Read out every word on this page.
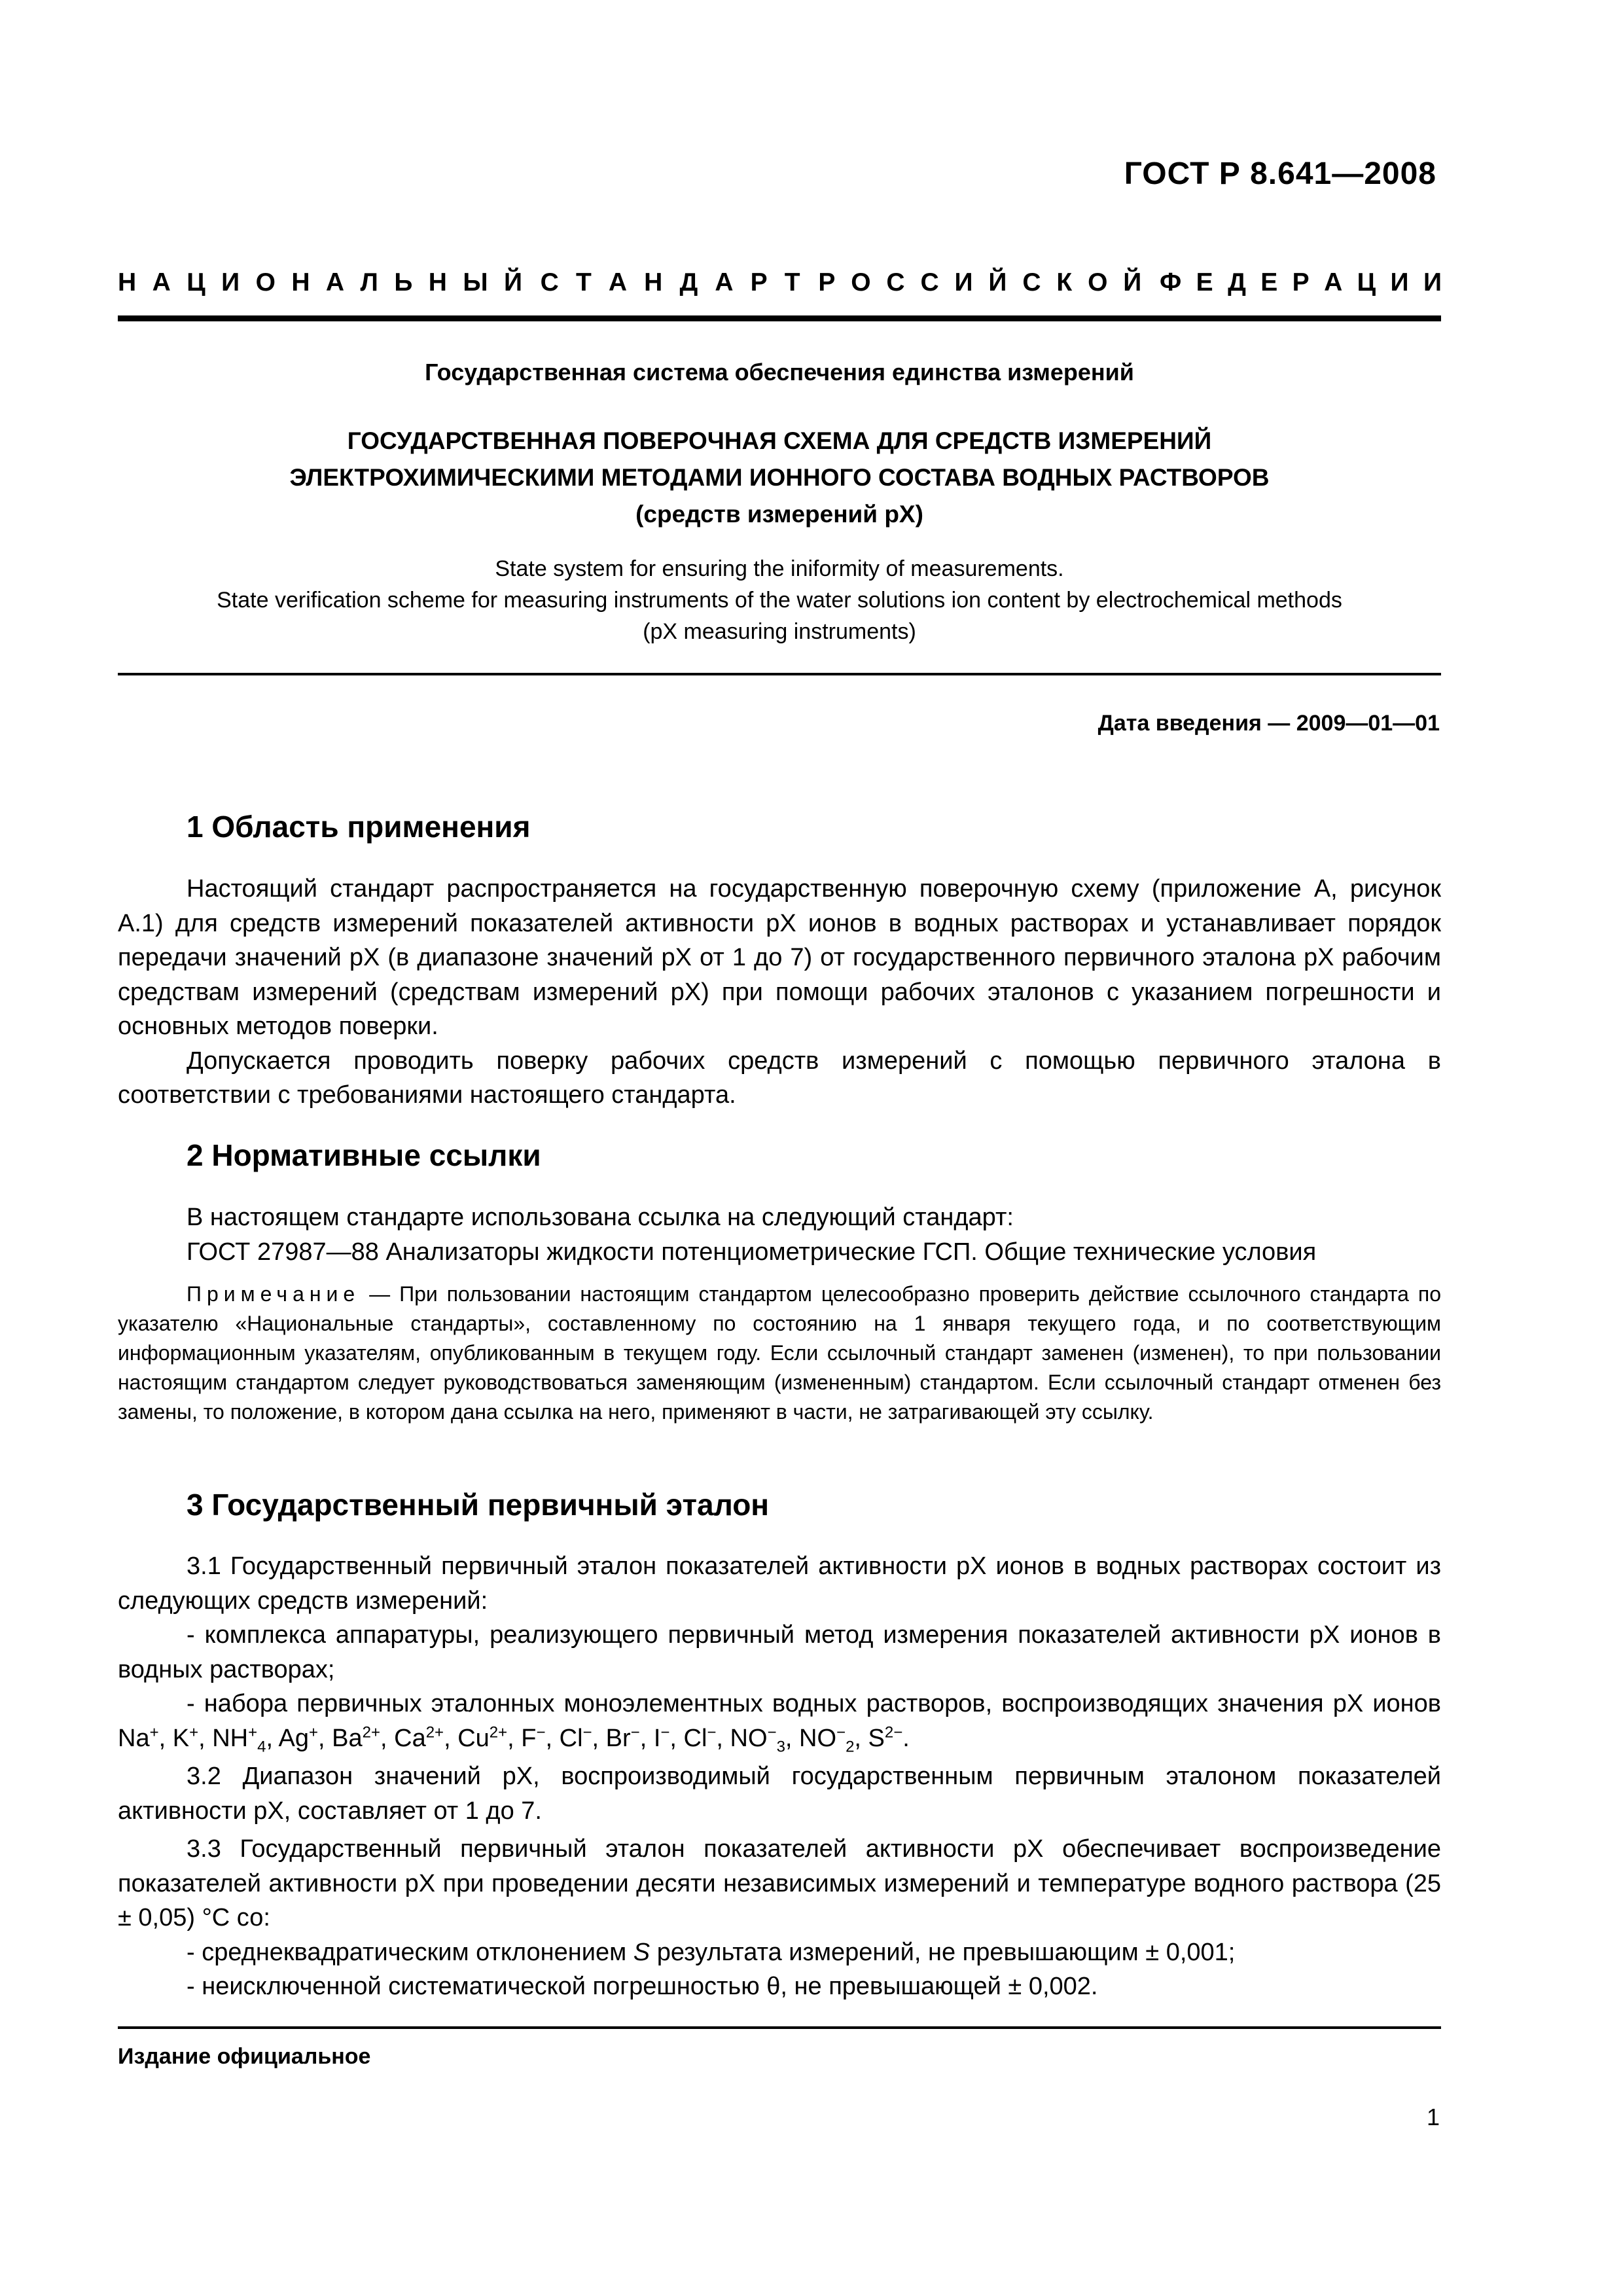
ГОСТ Р 8.641—2008
Н А Ц И О Н А Л Ь Н Ы Й С Т А Н Д А Р Т Р О С С И Й С К О Й Ф Е Д Е Р А Ц И И
Государственная система обеспечения единства измерений
ГОСУДАРСТВЕННАЯ ПОВЕРОЧНАЯ СХЕМА ДЛЯ СРЕДСТВ ИЗМЕРЕНИЙ
ЭЛЕКТРОХИМИЧЕСКИМИ МЕТОДАМИ ИОННОГО СОСТАВА ВОДНЫХ РАСТВОРОВ
(средств измерений pX)
State system for ensuring the iniformity of measurements.
State verification scheme for measuring instruments of the water solutions ion content by electrochemical methods
(pX measuring instruments)
Дата введения — 2009—01—01
1 Область применения

Настоящий стандарт распространяется на государственную поверочную схему (приложение А, рисунок А.1) для средств измерений показателей активности pX ионов в водных растворах и устанавливает порядок передачи значений pX (в диапазоне значений pX от 1 до 7) от государственного первичного эталона pX рабочим средствам измерений (средствам измерений pX) при помощи рабочих эталонов с указанием погрешности и основных методов поверки.

Допускается проводить поверку рабочих средств измерений с помощью первичного эталона в соответствии с требованиями настоящего стандарта.

2 Нормативные ссылки

В настоящем стандарте использована ссылка на следующий стандарт:

ГОСТ 27987—88 Анализаторы жидкости потенциометрические ГСП. Общие технические условия

Примечание — При пользовании настоящим стандартом целесообразно проверить действие ссылочного стандарта по указателю «Национальные стандарты», составленному по состоянию на 1 января текущего года, и по соответствующим информационным указателям, опубликованным в текущем году. Если ссылочный стандарт заменен (изменен), то при пользовании настоящим стандартом следует руководствоваться заменяющим (измененным) стандартом. Если ссылочный стандарт отменен без замены, то положение, в котором дана ссылка на него, применяют в части, не затрагивающей эту ссылку.

3 Государственный первичный эталон

3.1 Государственный первичный эталон показателей активности pX ионов в водных растворах состоит из следующих средств измерений:

- комплекса аппаратуры, реализующего первичный метод измерения показателей активности pX ионов в водных растворах;

- набора первичных эталонных моноэлементных водных растворов, воспроизводящих значения pX ионов Na+, K+, $NH^+_4$, Ag+, $Ba^{2+}$, $Ca^{2+}$, $Cu^{2+}$, F−, Cl−, Br−, I−, Cl−, $NO^-_3$, $NO^-_2$, $S^{2-}$.

3.2 Диапазон значений pX, воспроизводимый государственным первичным эталоном показателей активности pX, составляет от 1 до 7.

3.3 Государственный первичный эталон показателей активности pX обеспечивает воспроизведение показателей активности pX при проведении десяти независимых измерений и температуре водного раствора (25 ± 0,05) °С со:

- среднеквадратическим отклонением S результата измерений, не превышающим ± 0,001;

- неисключенной систематической погрешностью θ, не превышающей ± 0,002.

Издание официальное
1
